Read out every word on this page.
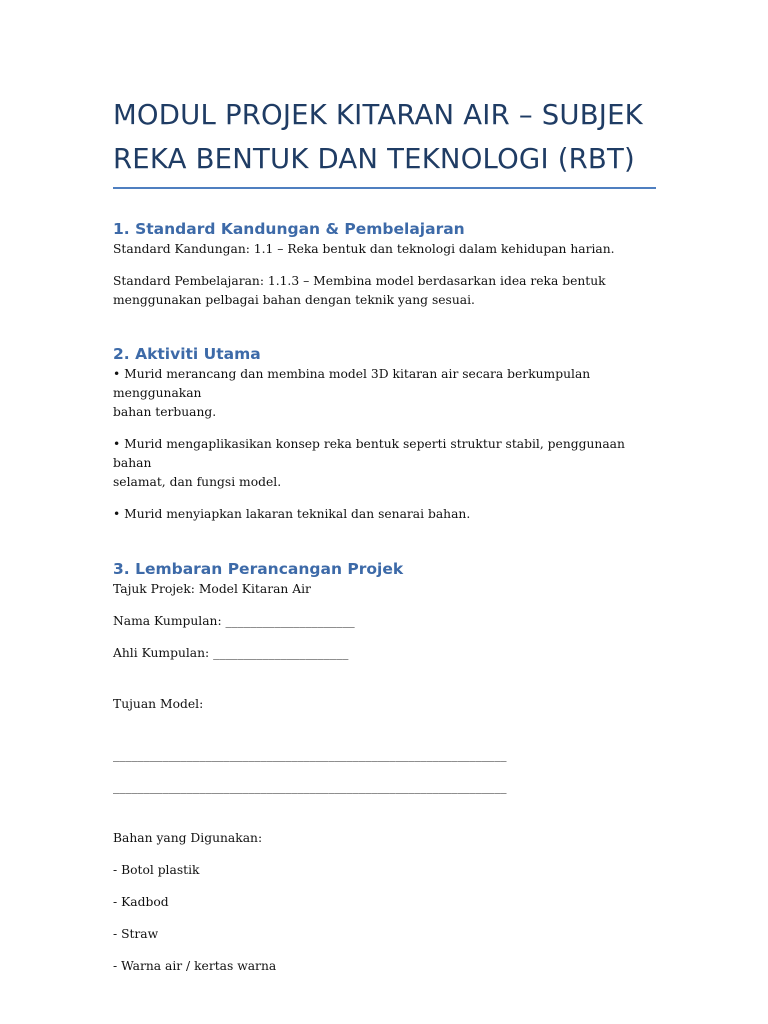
MODUL PROJEK KITARAN AIR – SUBJEK
REKA BENTUK DAN TEKNOLOGI (RBT)
1. Standard Kandungan & Pembelajaran

Standard Kandungan: 1.1 – Reka bentuk dan teknologi dalam kehidupan harian.

Standard Pembelajaran: 1.1.3 – Membina model berdasarkan idea reka bentuk

menggunakan pelbagai bahan dengan teknik yang sesuai.

2. Aktiviti Utama

• Murid merancang dan membina model 3D kitaran air secara berkumpulan menggunakan

bahan terbuang.

• Murid mengaplikasikan konsep reka bentuk seperti struktur stabil, penggunaan bahan

selamat, dan fungsi model.

• Murid menyiapkan lakaran teknikal dan senarai bahan.

3. Lembaran Perancangan Projek

Tajuk Projek: Model Kitaran Air

Nama Kumpulan: _____________________

Ahli Kumpulan: ______________________

Tujuan Model:

________________________________________________________________

________________________________________________________________

Bahan yang Digunakan:

- Botol plastik

- Kadbod

- Straw

- Warna air / kertas warna
